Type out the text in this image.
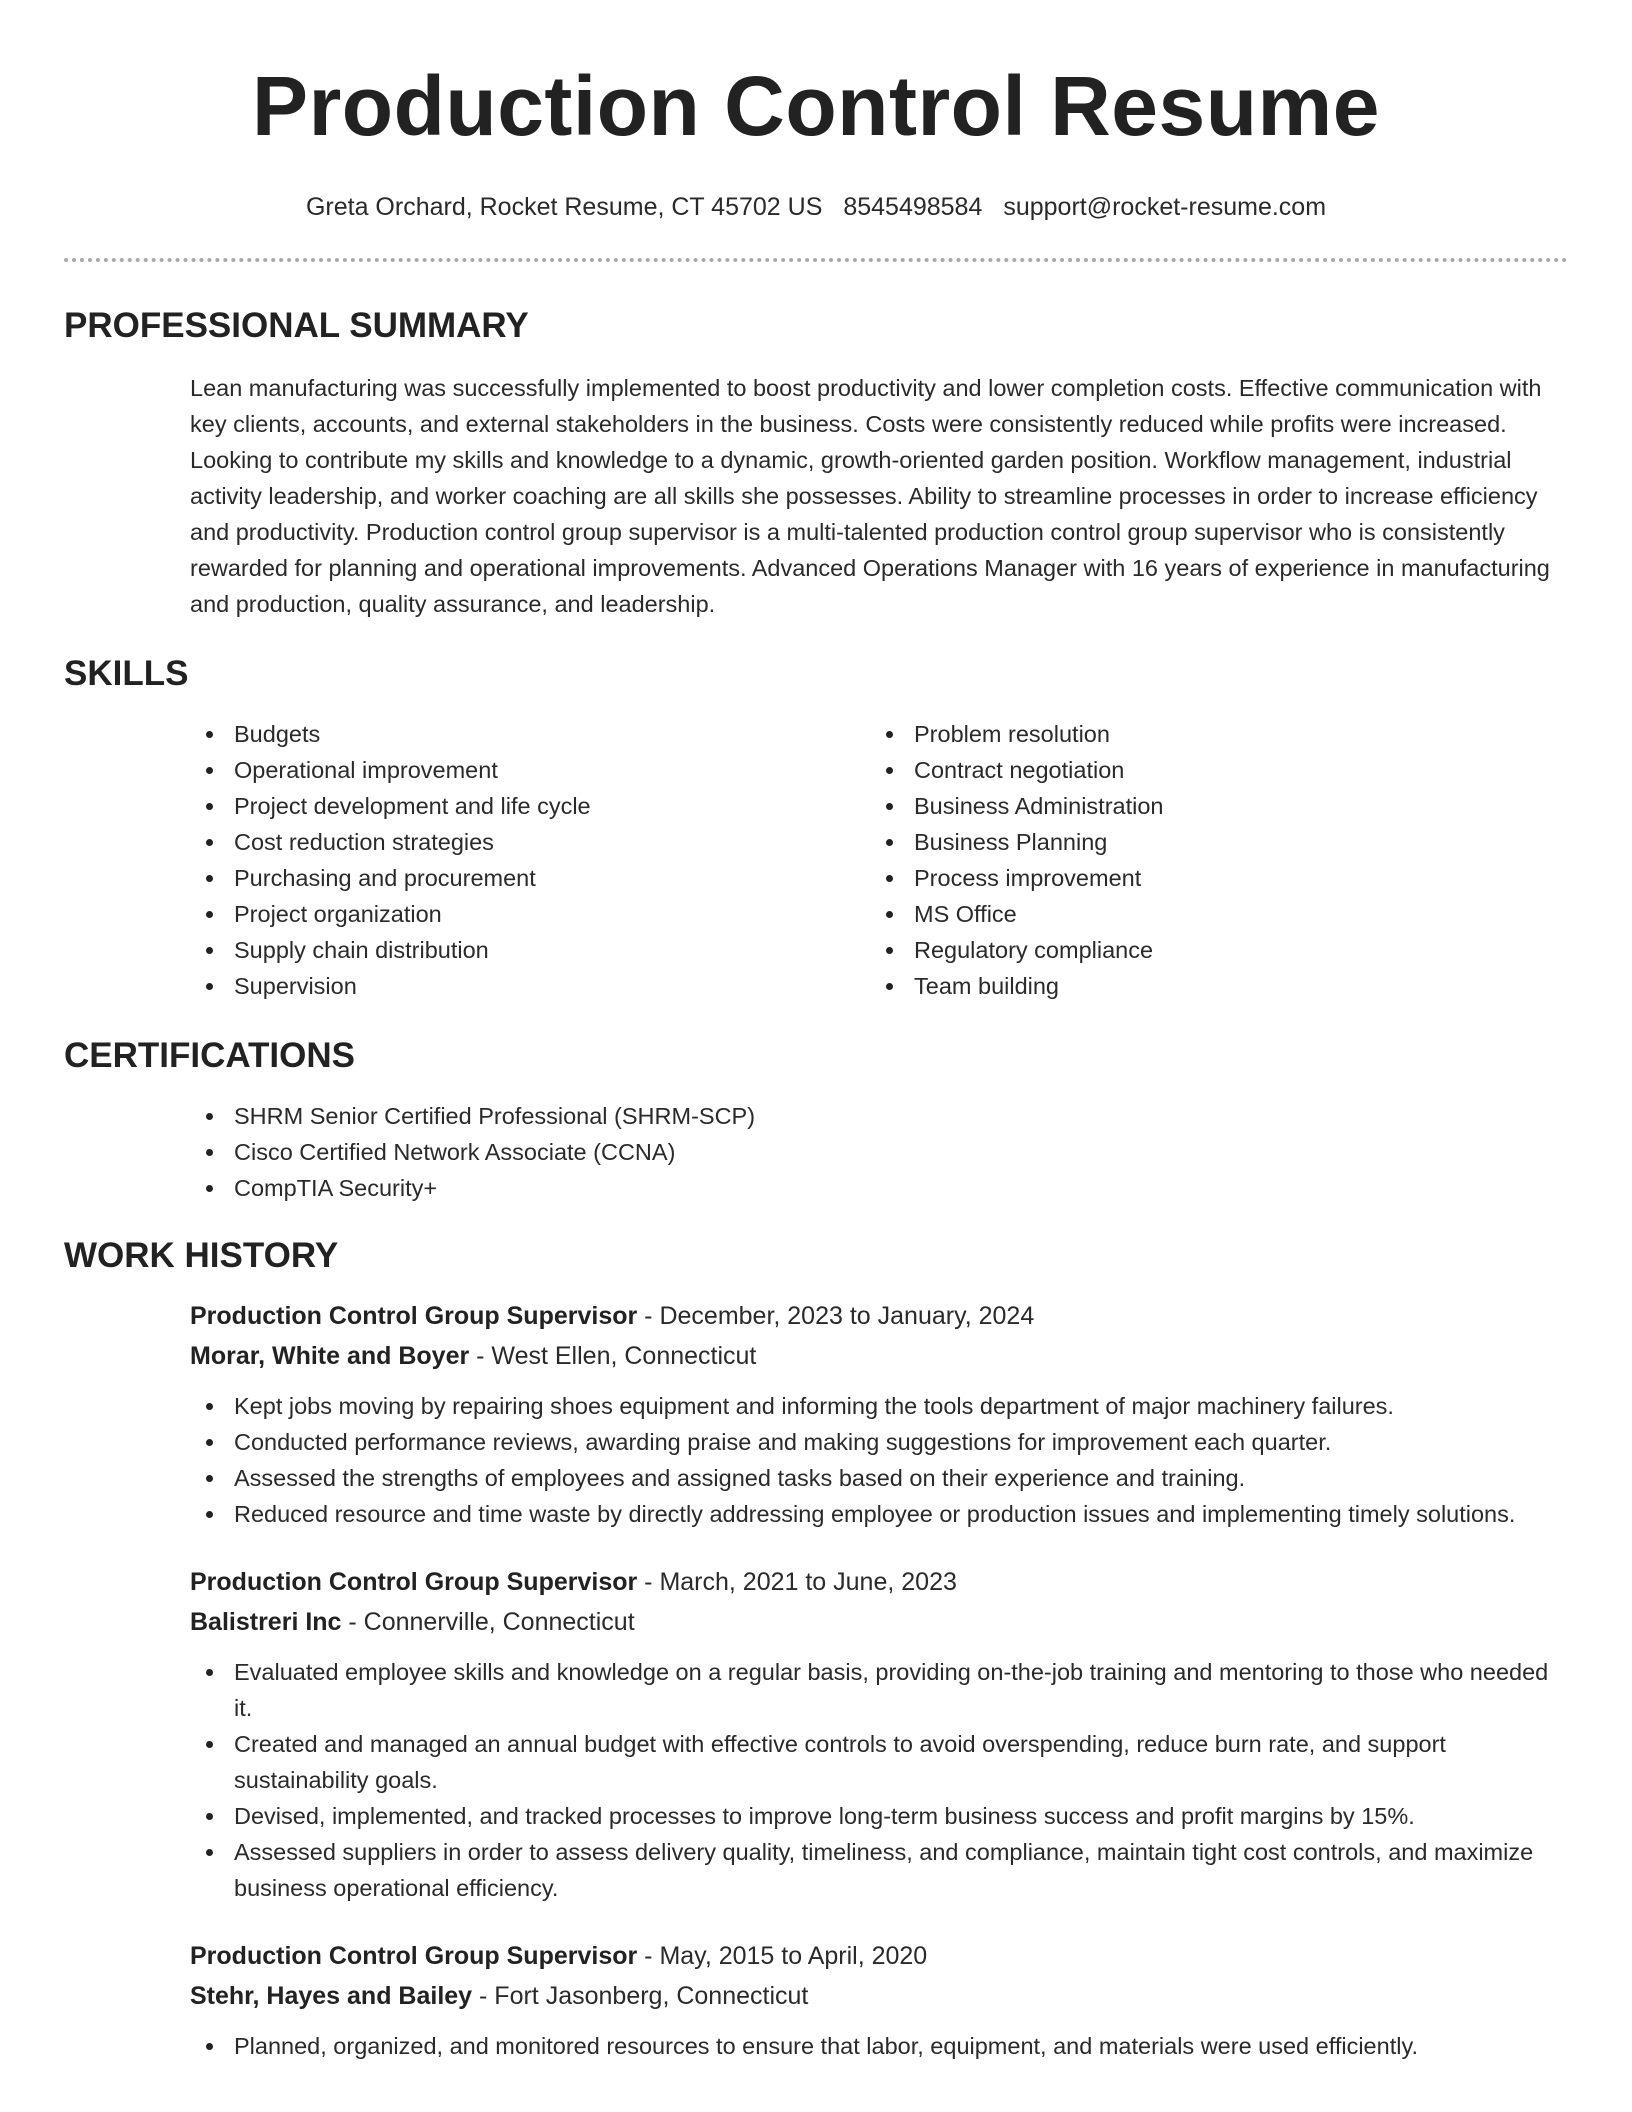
Production Control Resume
Greta Orchard, Rocket Resume, CT 45702 US 8545498584 support@rocket-resume.com
PROFESSIONAL SUMMARY

Lean manufacturing was successfully implemented to boost productivity and lower completion costs. Effective communication with key clients, accounts, and external stakeholders in the business. Costs were consistently reduced while profits were increased. Looking to contribute my skills and knowledge to a dynamic, growth-oriented garden position. Workflow management, industrial activity leadership, and worker coaching are all skills she possesses. Ability to streamline processes in order to increase efficiency and productivity. Production control group supervisor is a multi-talented production control group supervisor who is consistently rewarded for planning and operational improvements. Advanced Operations Manager with 16 years of experience in manufacturing and production, quality assurance, and leadership.

SKILLS
Budgets
Operational improvement
Project development and life cycle
Cost reduction strategies
Purchasing and procurement
Project organization
Supply chain distribution
Supervision
Problem resolution
Contract negotiation
Business Administration
Business Planning
Process improvement
MS Office
Regulatory compliance
Team building
CERTIFICATIONS
SHRM Senior Certified Professional (SHRM-SCP)
Cisco Certified Network Associate (CCNA)
CompTIA Security+
WORK HISTORY
Production Control Group Supervisor - December, 2023 to January, 2024
Morar, White and Boyer - West Ellen, Connecticut
Kept jobs moving by repairing shoes equipment and informing the tools department of major machinery failures.
Conducted performance reviews, awarding praise and making suggestions for improvement each quarter.
Assessed the strengths of employees and assigned tasks based on their experience and training.
Reduced resource and time waste by directly addressing employee or production issues and implementing timely solutions.
Production Control Group Supervisor - March, 2021 to June, 2023
Balistreri Inc - Connerville, Connecticut
Evaluated employee skills and knowledge on a regular basis, providing on-the-job training and mentoring to those who needed it.
Created and managed an annual budget with effective controls to avoid overspending, reduce burn rate, and support sustainability goals.
Devised, implemented, and tracked processes to improve long-term business success and profit margins by 15%.
Assessed suppliers in order to assess delivery quality, timeliness, and compliance, maintain tight cost controls, and maximize business operational efficiency.
Production Control Group Supervisor - May, 2015 to April, 2020
Stehr, Hayes and Bailey - Fort Jasonberg, Connecticut
Planned, organized, and monitored resources to ensure that labor, equipment, and materials were used efficiently.
